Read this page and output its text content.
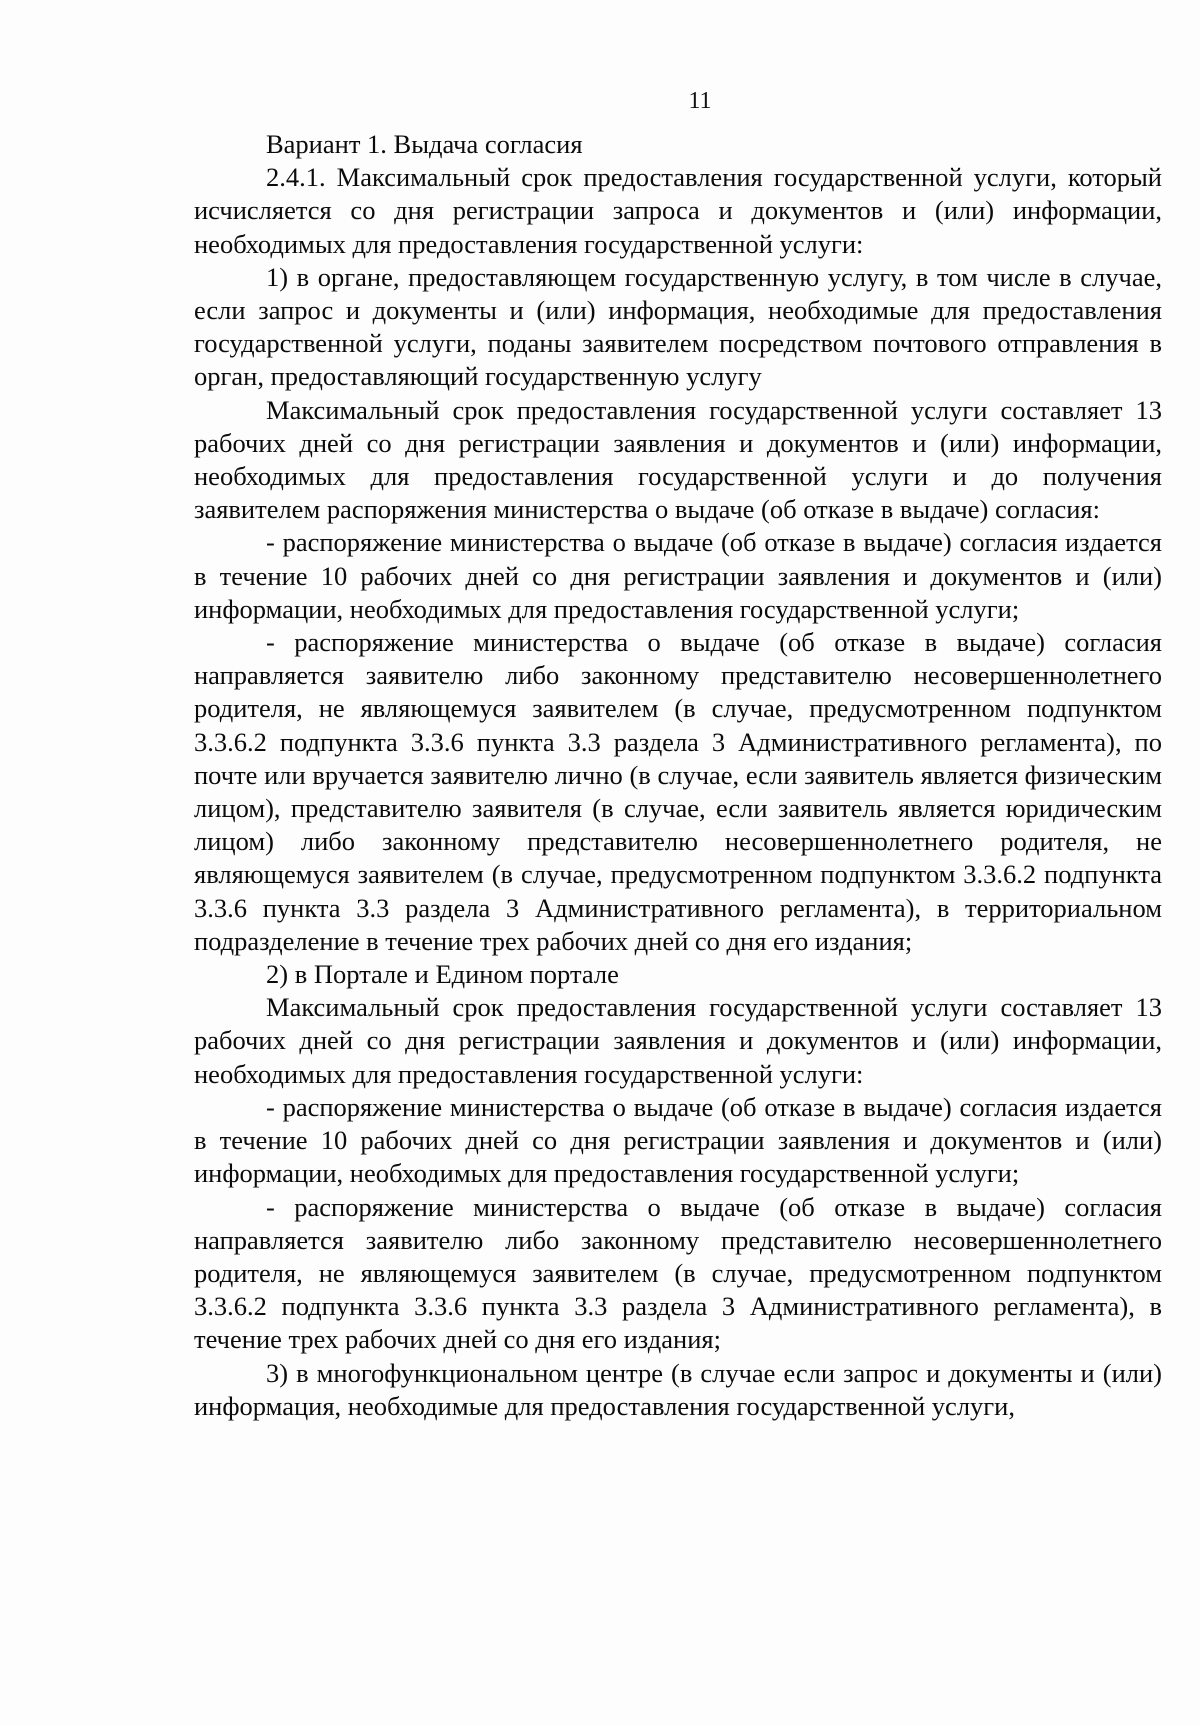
11

Вариант 1. Выдача согласия

2.4.1. Максимальный срок предоставления государственной услуги, который исчисляется со дня регистрации запроса и документов и (или) информации, необходимых для предоставления государственной услуги:

1) в органе, предоставляющем государственную услугу, в том числе в случае, если запрос и документы и (или) информация, необходимые для предоставления государственной услуги, поданы заявителем посредством почтового отправления в орган, предоставляющий государственную услугу

Максимальный срок предоставления государственной услуги составляет 13 рабочих дней со дня регистрации заявления и документов и (или) информации, необходимых для предоставления государственной услуги и до получения заявителем распоряжения министерства о выдаче (об отказе в выдаче) согласия:

- распоряжение министерства о выдаче (об отказе в выдаче) согласия издается в течение 10 рабочих дней со дня регистрации заявления и документов и (или) информации, необходимых для предоставления государственной услуги;

- распоряжение министерства о выдаче (об отказе в выдаче) согласия направляется заявителю либо законному представителю несовершеннолетнего родителя, не являющемуся заявителем (в случае, предусмотренном подпунктом 3.3.6.2 подпункта 3.3.6 пункта 3.3 раздела 3 Административного регламента), по почте или вручается заявителю лично (в случае, если заявитель является физическим лицом), представителю заявителя (в случае, если заявитель является юридическим лицом) либо законному представителю несовершеннолетнего родителя, не являющемуся заявителем (в случае, предусмотренном подпунктом 3.3.6.2 подпункта 3.3.6 пункта 3.3 раздела 3 Административного регламента), в территориальном подразделение в течение трех рабочих дней со дня его издания;

2) в Портале и Едином портале

Максимальный срок предоставления государственной услуги составляет 13 рабочих дней со дня регистрации заявления и документов и (или) информации, необходимых для предоставления государственной услуги:

- распоряжение министерства о выдаче (об отказе в выдаче) согласия издается в течение 10 рабочих дней со дня регистрации заявления и документов и (или) информации, необходимых для предоставления государственной услуги;

- распоряжение министерства о выдаче (об отказе в выдаче) согласия направляется заявителю либо законному представителю несовершеннолетнего родителя, не являющемуся заявителем (в случае, предусмотренном подпунктом 3.3.6.2 подпункта 3.3.6 пункта 3.3 раздела 3 Административного регламента), в течение трех рабочих дней со дня его издания;

3) в многофункциональном центре (в случае если запрос и документы и (или) информация, необходимые для предоставления государственной услуги,
